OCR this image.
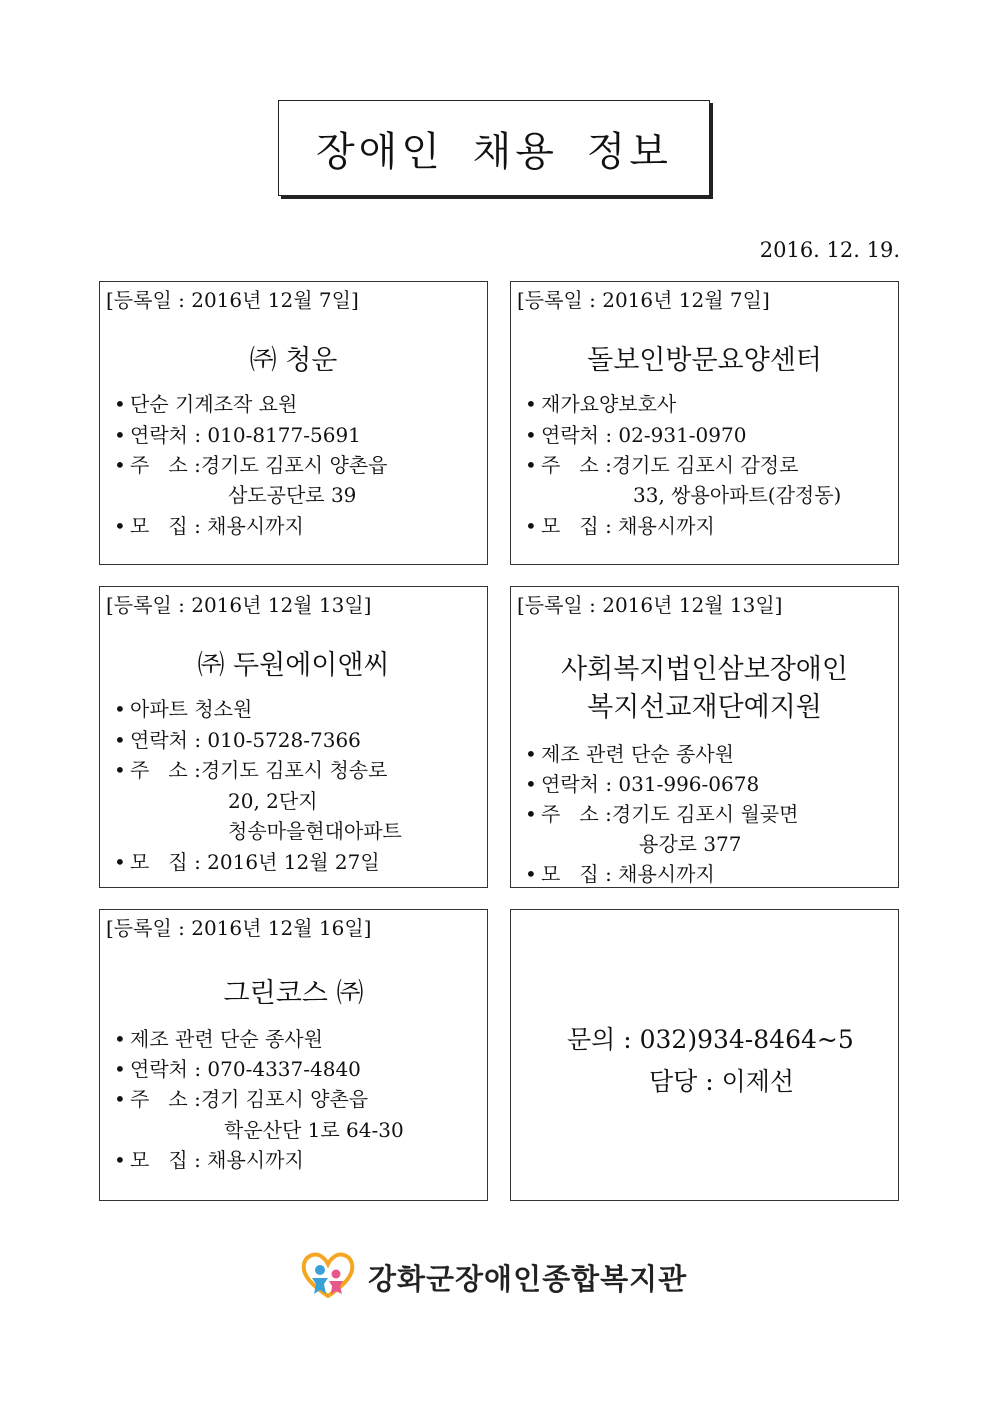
장애인 채용 정보
2016. 12. 19.
[등록일 : 2016년 12월 7일]
㈜ 청운
• 단순 기계조작 요원
• 연락처 : 010-8177-5691
• 주   소 :경기도 김포시 양촌읍
삼도공단로 39
• 모   집 : 채용시까지
[등록일 : 2016년 12월 7일]
돌보인방문요양센터
• 재가요양보호사
• 연락처 : 02-931-0970
• 주   소 :경기도 김포시 감정로
33, 쌍용아파트(감정동)
• 모   집 : 채용시까지
[등록일 : 2016년 12월 13일]
㈜ 두원에이앤씨
• 아파트 청소원
• 연락처 : 010-5728-7366
• 주   소 :경기도 김포시 청송로
20, 2단지
청송마을현대아파트
• 모   집 : 2016년 12월 27일
[등록일 : 2016년 12월 13일]
사회복지법인삼보장애인
복지선교재단예지원
• 제조 관련 단순 종사원
• 연락처 : 031-996-0678
• 주   소 :경기도 김포시 월곶면
용강로 377
• 모   집 : 채용시까지
[등록일 : 2016년 12월 16일]
그린코스 ㈜
• 제조 관련 단순 종사원
• 연락처 : 070-4337-4840
• 주   소 :경기 김포시 양촌읍
학운산단 1로 64-30
• 모   집 : 채용시까지
문의 : 032)934-8464~5
담당 : 이제선
강화군장애인종합복지관
